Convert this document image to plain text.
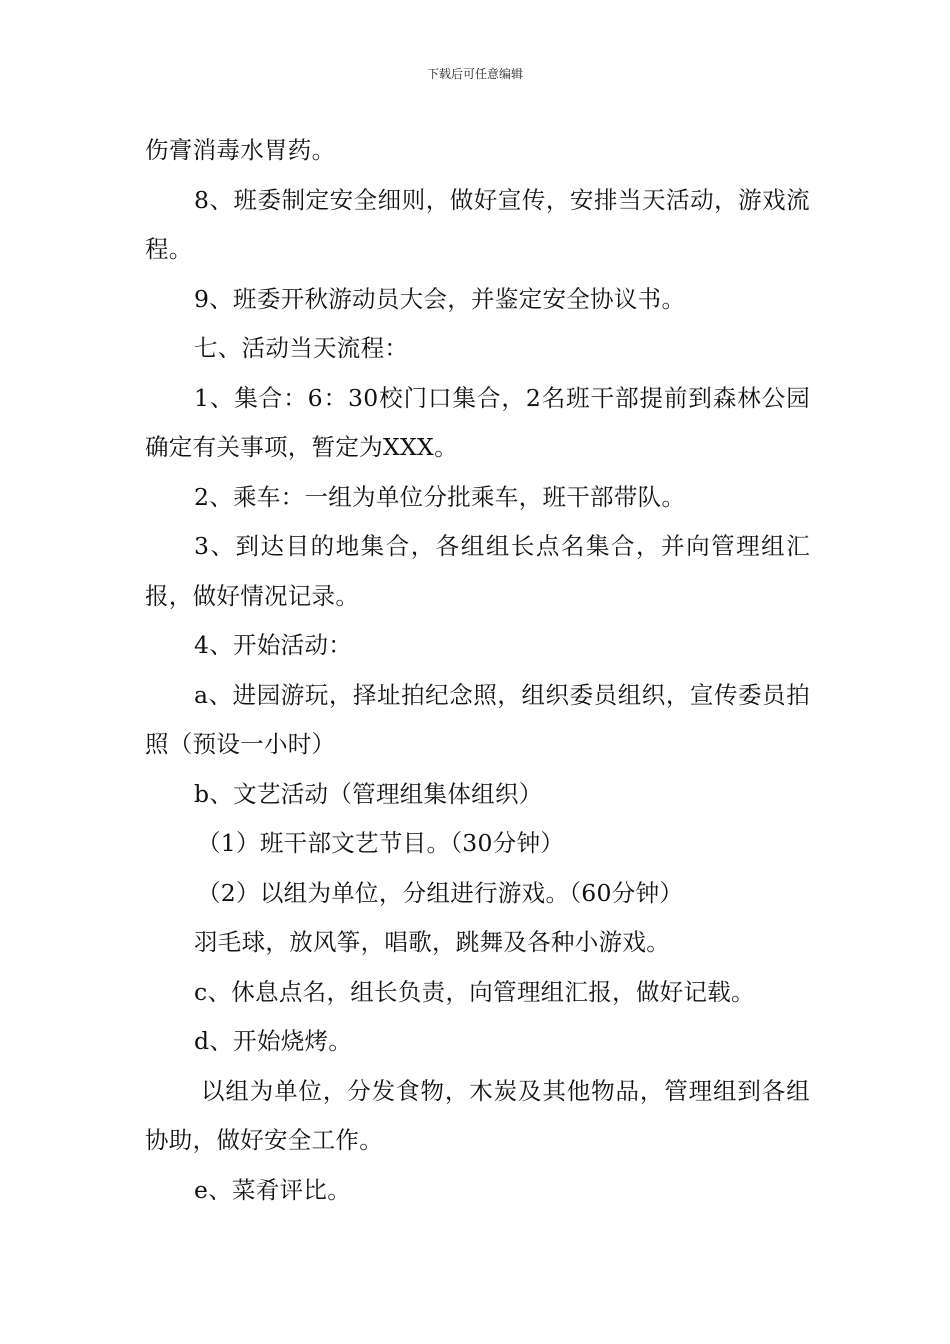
下载后可任意编辑

伤膏消毒水胃药。

8、班委制定安全细则，做好宣传，安排当天活动，游戏流程。

9、班委开秋游动员大会，并鉴定安全协议书。

七、活动当天流程：

1、集合：6：30校门口集合，2名班干部提前到森林公园确定有关事项，暂定为XXX。

2、乘车：一组为单位分批乘车，班干部带队。

3、到达目的地集合，各组组长点名集合，并向管理组汇报，做好情况记录。

4、开始活动：

a、进园游玩，择址拍纪念照，组织委员组织，宣传委员拍照（预设一小时）

b、文艺活动（管理组集体组织）

（1）班干部文艺节目。（30分钟）

（2）以组为单位，分组进行游戏。（60分钟）

羽毛球，放风筝，唱歌，跳舞及各种小游戏。

c、休息点名，组长负责，向管理组汇报，做好记载。

d、开始烧烤。

以组为单位，分发食物，木炭及其他物品，管理组到各组协助，做好安全工作。

e、菜肴评比。
